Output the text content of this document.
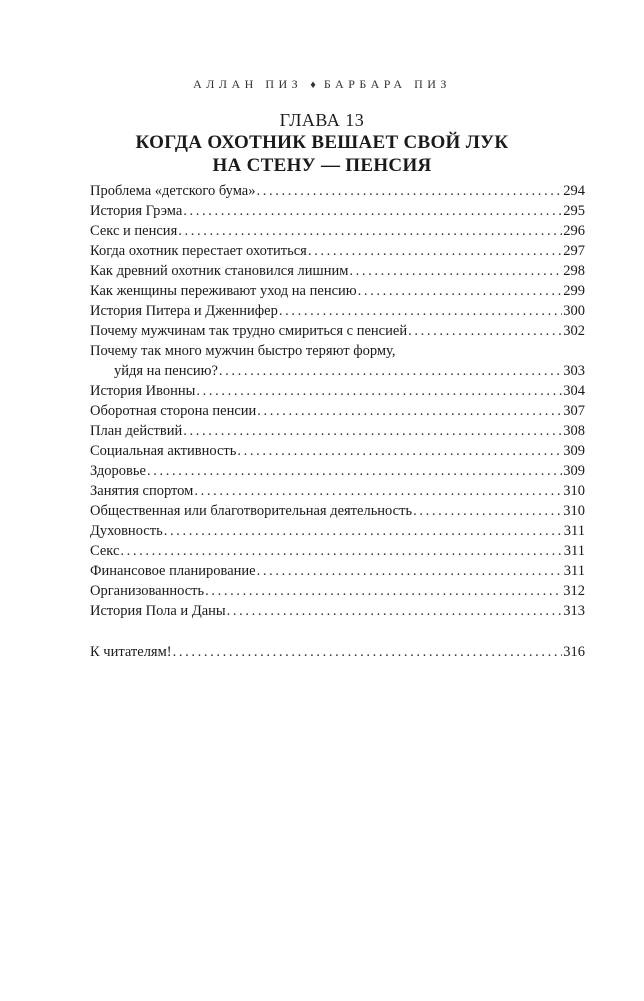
АЛЛАН ПИЗ ♦ БАРБАРА ПИЗ
ГЛАВА 13
КОГДА ОХОТНИК ВЕШАЕТ СВОЙ ЛУК
НА СТЕНУ — ПЕНСИЯ
Проблема «детского бума» . . .	294
История Грэма . . .	295
Секс и пенсия . . .	296
Когда охотник перестает охотиться . . .	297
Как древний охотник становился лишним . . .	298
Как женщины переживают уход на пенсию . . .	299
История Питера и Дженнифер . . .	300
Почему мужчинам так трудно смириться с пенсией . . .	302
Почему так много мужчин быстро теряют форму,
уйдя на пенсию? . . .	303
История Ивонны . . .	304
Оборотная сторона пенсии . . .	307
План действий . . .	308
Социальная активность . . .	309
Здоровье . . .	309
Занятия спортом . . .	310
Общественная или благотворительная деятельность . . .	310
Духовность . . .	311
Секс . . .	311
Финансовое планирование . . .	311
Организованность . . .	312
История Пола и Даны . . .	313
К читателям! . . .	316
